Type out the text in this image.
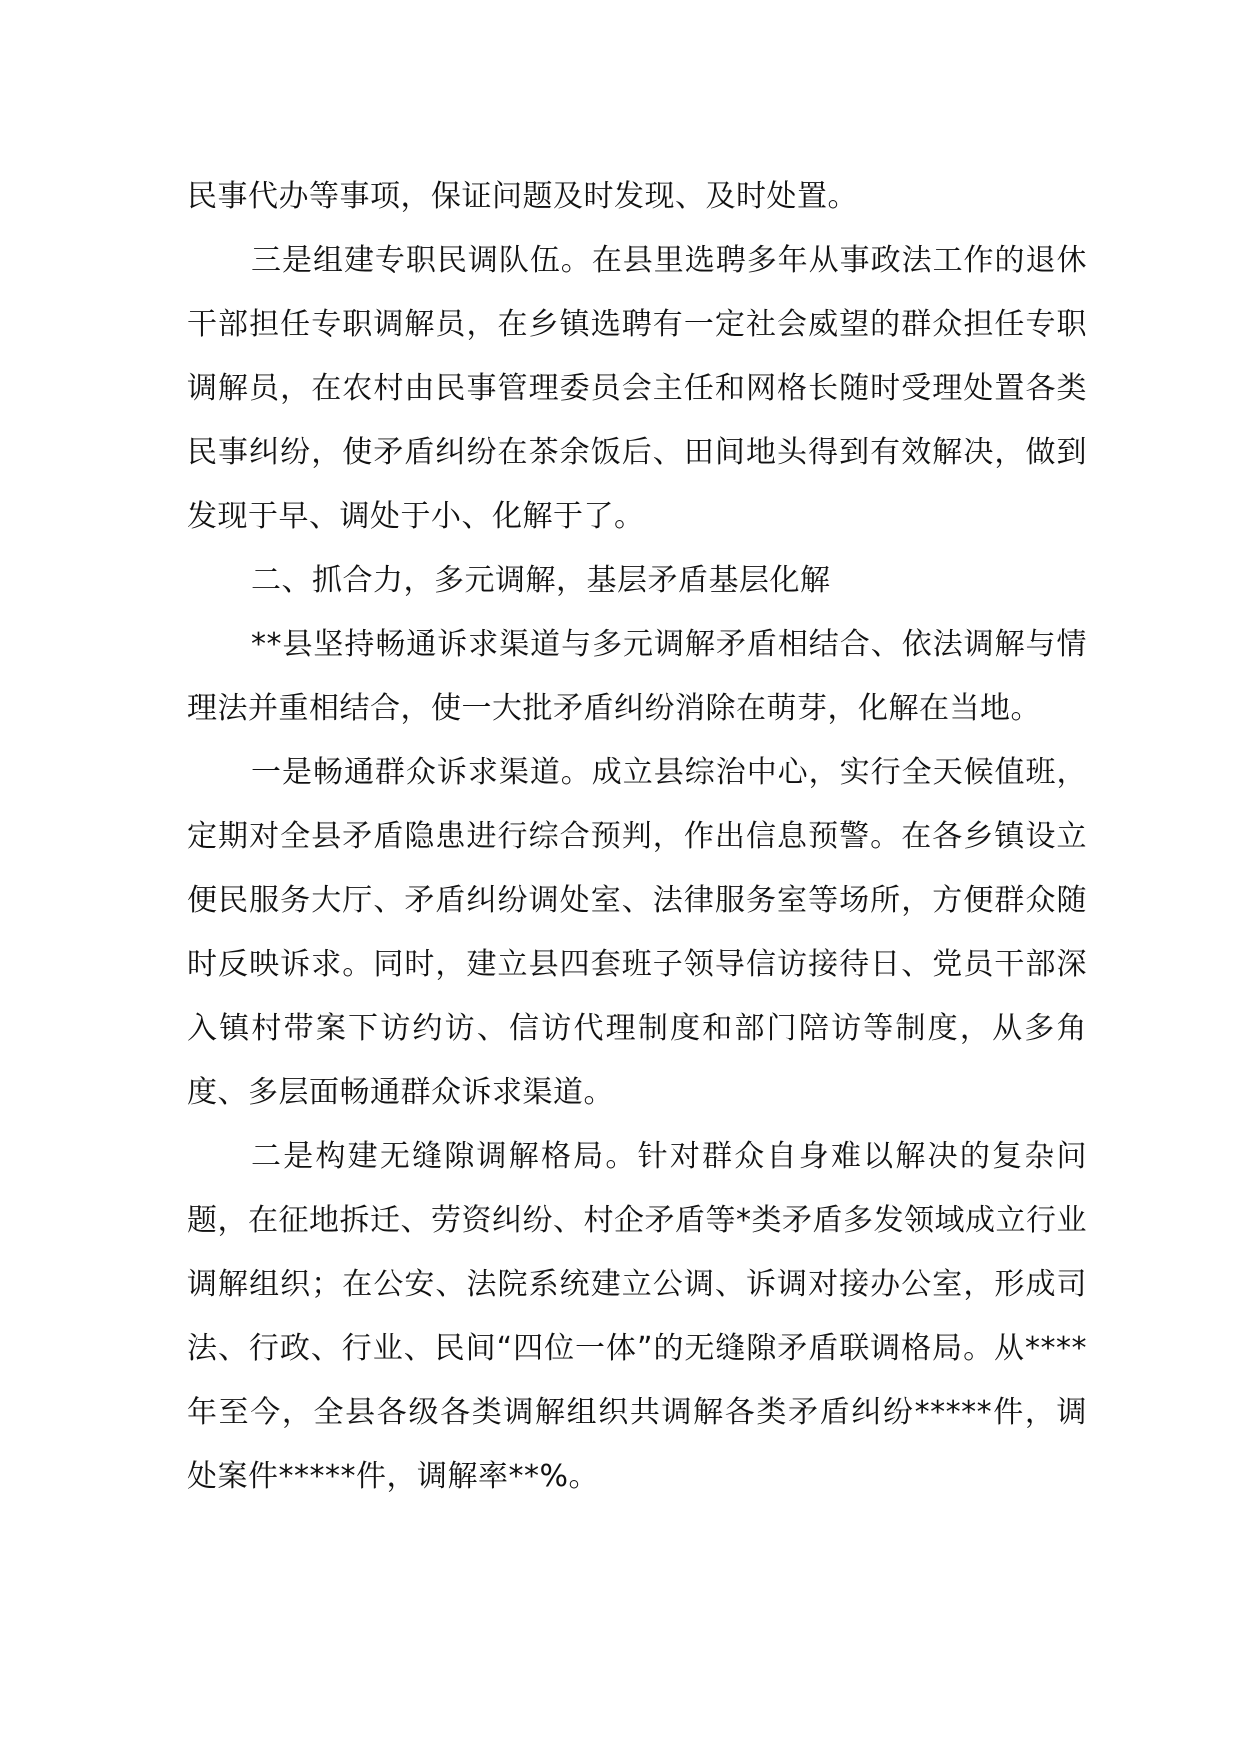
民事代办等事项，保证问题及时发现、及时处置。

三是组建专职民调队伍。在县里选聘多年从事政法工作的退休干部担任专职调解员，在乡镇选聘有一定社会威望的群众担任专职调解员，在农村由民事管理委员会主任和网格长随时受理处置各类民事纠纷，使矛盾纠纷在茶余饭后、田间地头得到有效解决，做到发现于早、调处于小、化解于了。

二、抓合力，多元调解，基层矛盾基层化解

**县坚持畅通诉求渠道与多元调解矛盾相结合、依法调解与情理法并重相结合，使一大批矛盾纠纷消除在萌芽，化解在当地。

一是畅通群众诉求渠道。成立县综治中心，实行全天候值班，定期对全县矛盾隐患进行综合预判，作出信息预警。在各乡镇设立便民服务大厅、矛盾纠纷调处室、法律服务室等场所，方便群众随时反映诉求。同时，建立县四套班子领导信访接待日、党员干部深入镇村带案下访约访、信访代理制度和部门陪访等制度，从多角度、多层面畅通群众诉求渠道。

二是构建无缝隙调解格局。针对群众自身难以解决的复杂问题，在征地拆迁、劳资纠纷、村企矛盾等*类矛盾多发领域成立行业调解组织；在公安、法院系统建立公调、诉调对接办公室，形成司法、行政、行业、民间“四位一体”的无缝隙矛盾联调格局。从****年至今，全县各级各类调解组织共调解各类矛盾纠纷*****件，调处案件*****件，调解率**%。
